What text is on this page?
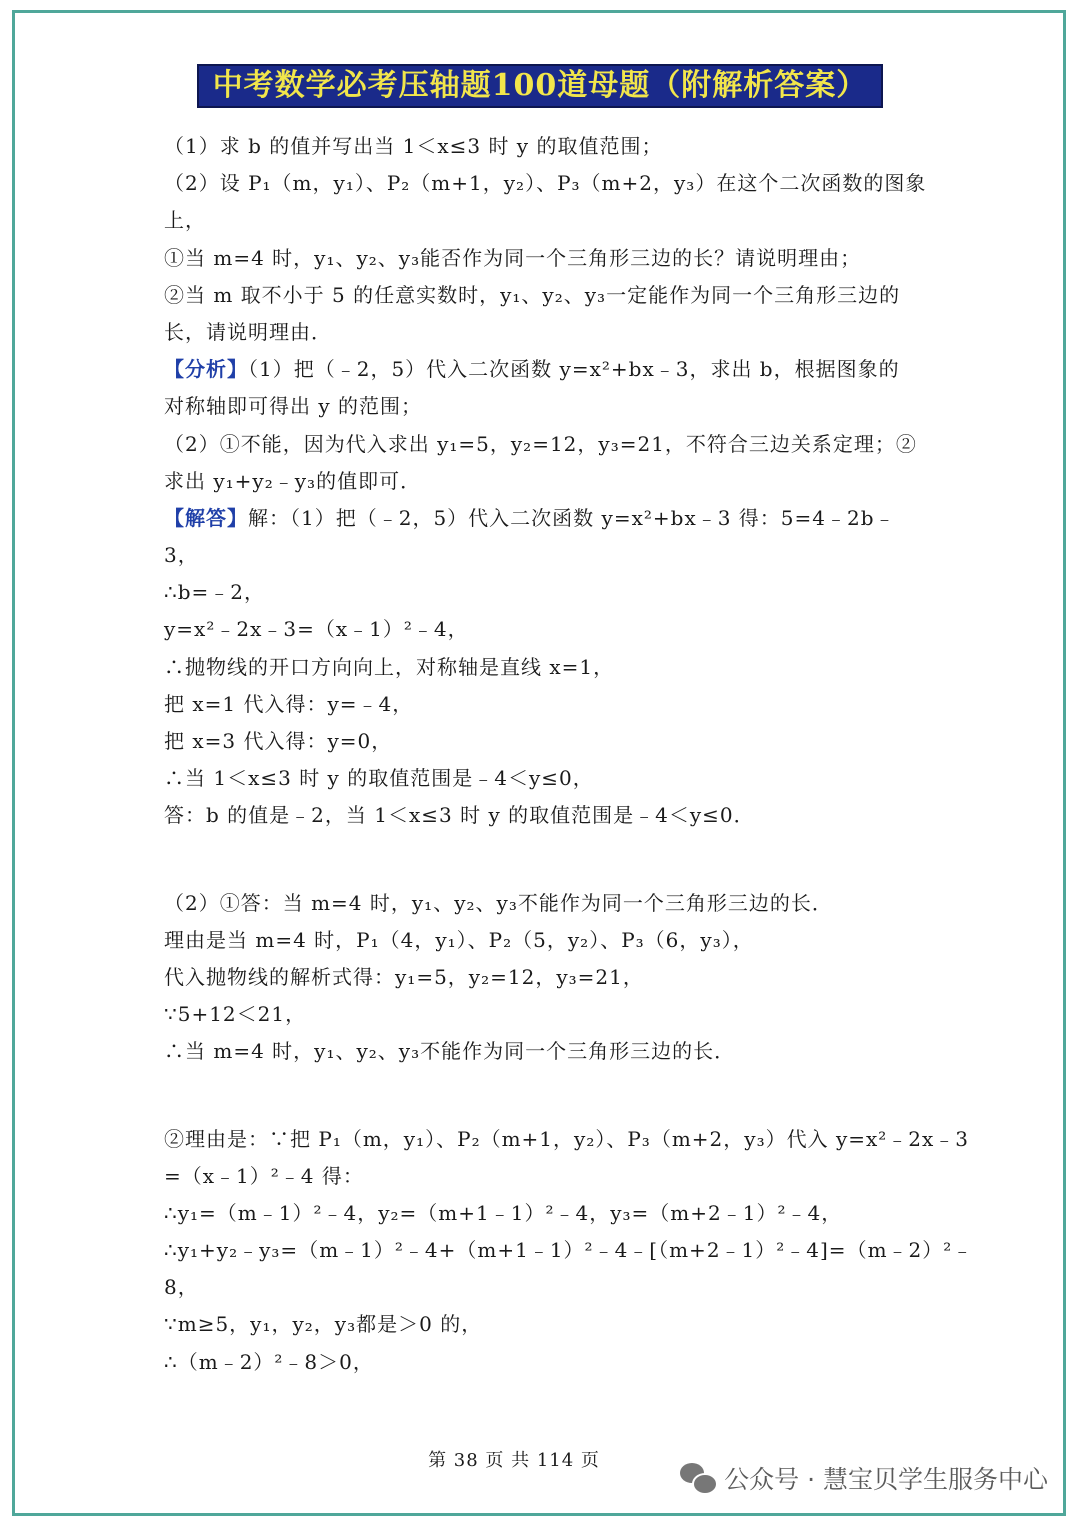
中考数学必考压轴题100道母题（附解析答案）
（1）求 b 的值并写出当 1＜x≤3 时 y 的取值范围；
（2）设 P₁（m，y₁）、P₂（m+1，y₂）、P₃（m+2，y₃）在这个二次函数的图象
上，
①当 m=4 时，y₁、y₂、y₃能否作为同一个三角形三边的长？请说明理由；
②当 m 取不小于 5 的任意实数时，y₁、y₂、y₃一定能作为同一个三角形三边的
长，请说明理由．
【分析】（1）把（﹣2，5）代入二次函数 y=x²+bx﹣3，求出 b，根据图象的
对称轴即可得出 y 的范围；
（2）①不能，因为代入求出 y₁=5，y₂=12，y₃=21，不符合三边关系定理；②
求出 y₁+y₂﹣y₃的值即可．
【解答】解：（1）把（﹣2，5）代入二次函数 y=x²+bx﹣3 得：5=4﹣2b﹣
3，
∴b=﹣2，
y=x²﹣2x﹣3=（x﹣1）²﹣4，
∴抛物线的开口方向向上，对称轴是直线 x=1，
把 x=1 代入得：y=﹣4，
把 x=3 代入得：y=0，
∴当 1＜x≤3 时 y 的取值范围是﹣4＜y≤0，
答：b 的值是﹣2，当 1＜x≤3 时 y 的取值范围是﹣4＜y≤0．
（2）①答：当 m=4 时，y₁、y₂、y₃不能作为同一个三角形三边的长．
理由是当 m=4 时，P₁（4，y₁）、P₂（5，y₂）、P₃（6，y₃），
代入抛物线的解析式得：y₁=5，y₂=12，y₃=21，
∵5+12＜21，
∴当 m=4 时，y₁、y₂、y₃不能作为同一个三角形三边的长．
②理由是：∵把 P₁（m，y₁）、P₂（m+1，y₂）、P₃（m+2，y₃）代入 y=x²﹣2x﹣3
=（x﹣1）²﹣4 得：
∴y₁=（m﹣1）²﹣4，y₂=（m+1﹣1）²﹣4，y₃=（m+2﹣1）²﹣4，
∴y₁+y₂﹣y₃=（m﹣1）²﹣4+（m+1﹣1）²﹣4﹣[（m+2﹣1）²﹣4]=（m﹣2）²﹣
8，
∵m≥5，y₁，y₂，y₃都是＞0 的，
∴（m﹣2）²﹣8＞0，
第 38 页 共 114 页
公众号 · 慧宝贝学生服务中心
